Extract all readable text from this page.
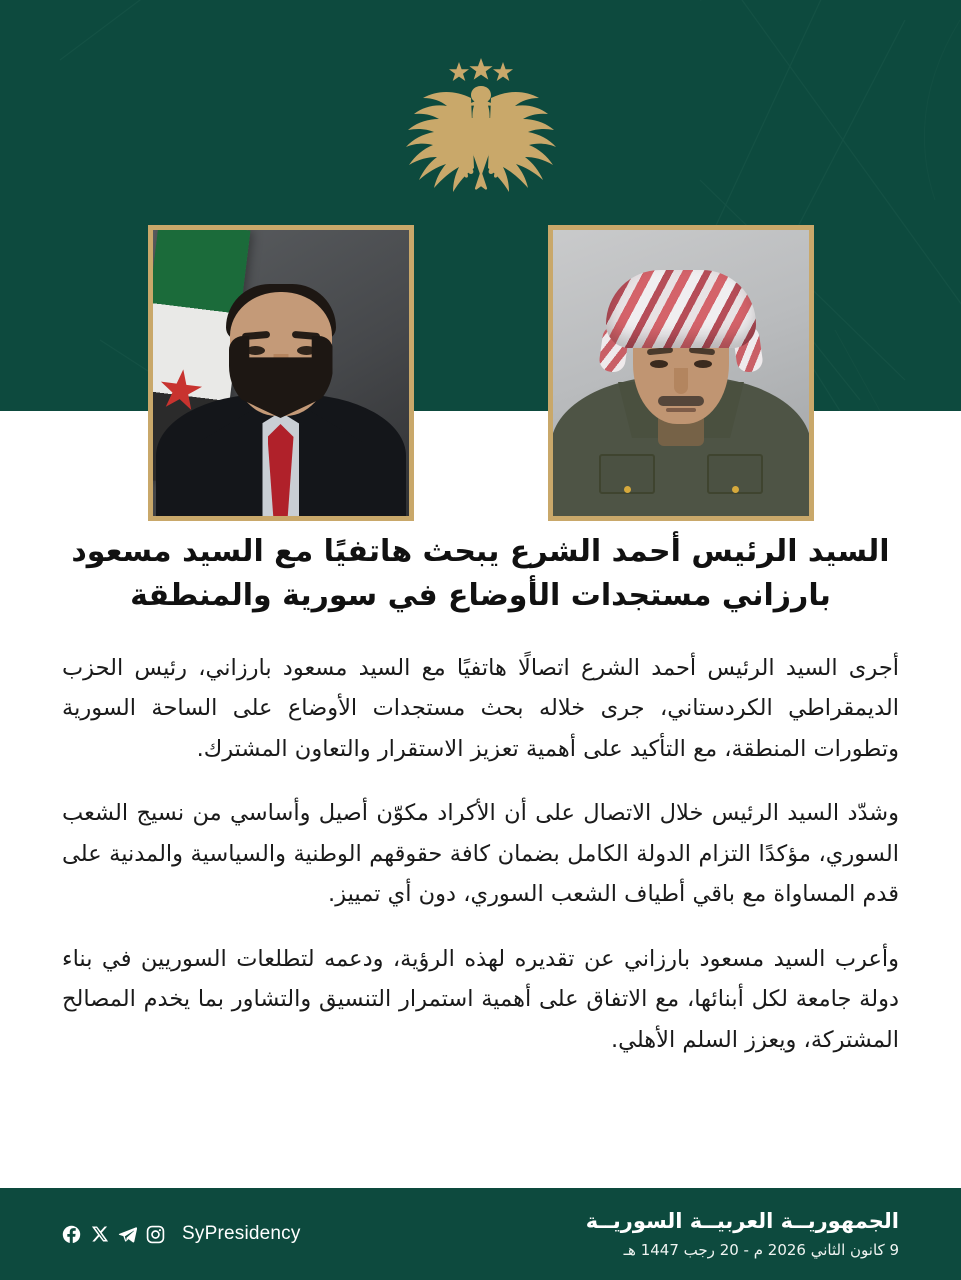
السيد الرئيس أحمد الشرع يبحث هاتفيًا مع السيد مسعود بارزاني مستجدات الأوضاع في سورية والمنطقة

أجرى السيد الرئيس أحمد الشرع اتصالًا هاتفيًا مع السيد مسعود بارزاني، رئيس الحزب الديمقراطي الكردستاني، جرى خلاله بحث مستجدات الأوضاع على الساحة السورية وتطورات المنطقة، مع التأكيد على أهمية تعزيز الاستقرار والتعاون المشترك.

وشدّد السيد الرئيس خلال الاتصال على أن الأكراد مكوّن أصيل وأساسي من نسيج الشعب السوري، مؤكدًا التزام الدولة الكامل بضمان كافة حقوقهم الوطنية والسياسية والمدنية على قدم المساواة مع باقي أطياف الشعب السوري، دون أي تمييز.

وأعرب السيد مسعود بارزاني عن تقديره لهذه الرؤية، ودعمه لتطلعات السوريين في بناء دولة جامعة لكل أبنائها، مع الاتفاق على أهمية استمرار التنسيق والتشاور بما يخدم المصالح المشتركة، ويعزز السلم الأهلي.

الجمهوريــة العربيــة السوريــة
9 كانون الثاني 2026 م - 20 رجب 1447 هـ
SyPresidency
